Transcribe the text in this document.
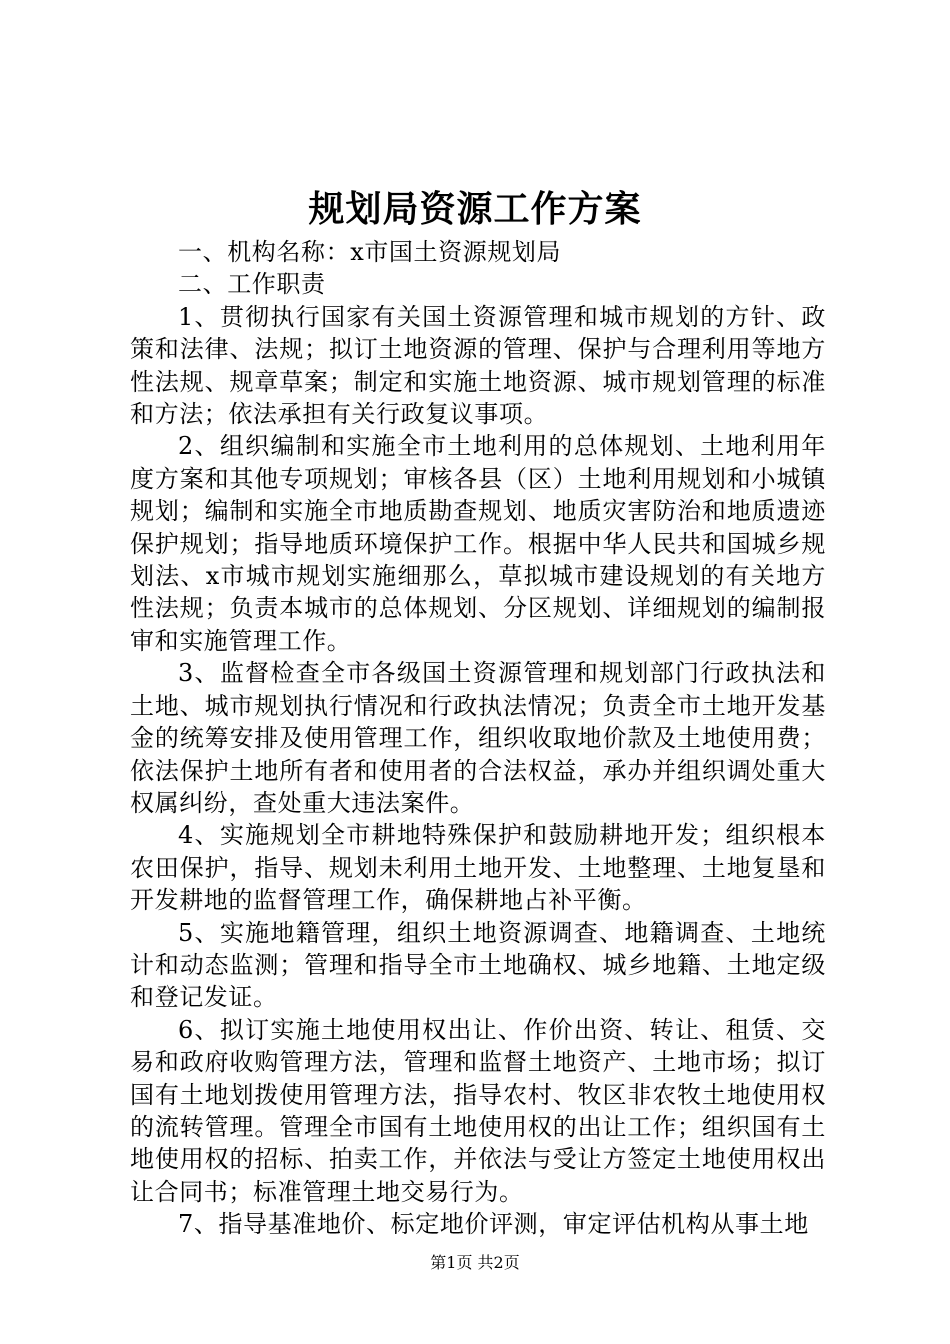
规划局资源工作方案

一、机构名称：x市国土资源规划局

二、工作职责

1、贯彻执行国家有关国土资源管理和城市规划的方针、政策和法律、法规；拟订土地资源的管理、保护与合理利用等地方性法规、规章草案；制定和实施土地资源、城市规划管理的标准和方法；依法承担有关行政复议事项。

2、组织编制和实施全市土地利用的总体规划、土地利用年度方案和其他专项规划；审核各县（区）土地利用规划和小城镇规划；编制和实施全市地质勘查规划、地质灾害防治和地质遗迹保护规划；指导地质环境保护工作。根据中华人民共和国城乡规划法、x市城市规划实施细那么，草拟城市建设规划的有关地方性法规；负责本城市的总体规划、分区规划、详细规划的编制报审和实施管理工作。

3、监督检查全市各级国土资源管理和规划部门行政执法和土地、城市规划执行情况和行政执法情况；负责全市土地开发基金的统筹安排及使用管理工作，组织收取地价款及土地使用费；依法保护土地所有者和使用者的合法权益，承办并组织调处重大权属纠纷，查处重大违法案件。

4、实施规划全市耕地特殊保护和鼓励耕地开发；组织根本农田保护，指导、规划未利用土地开发、土地整理、土地复垦和开发耕地的监督管理工作，确保耕地占补平衡。

5、实施地籍管理，组织土地资源调查、地籍调查、土地统计和动态监测；管理和指导全市土地确权、城乡地籍、土地定级和登记发证。

6、拟订实施土地使用权出让、作价出资、转让、租赁、交易和政府收购管理方法，管理和监督土地资产、土地市场；拟订国有土地划拨使用管理方法，指导农村、牧区非农牧土地使用权的流转管理。管理全市国有土地使用权的出让工作；组织国有土地使用权的招标、拍卖工作，并依法与受让方签定土地使用权出让合同书；标准管理土地交易行为。

7、指导基准地价、标定地价评测，审定评估机构从事土地

第1页 共2页
